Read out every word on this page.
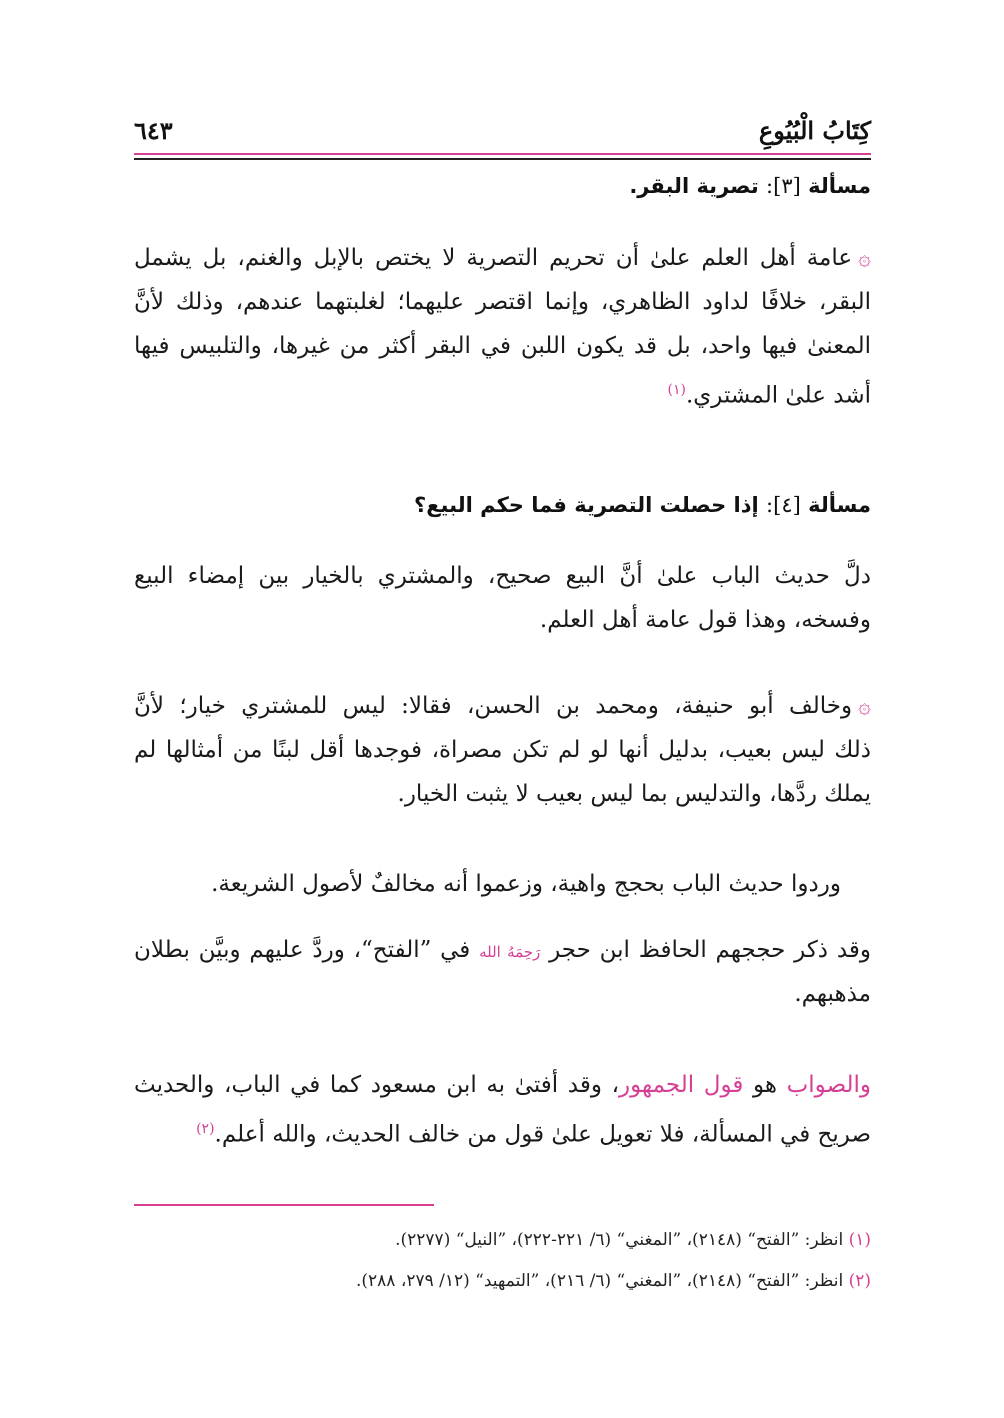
كِتَابُ الْبُيُوعِ
٦٤٣
مسألة [٣]: تصرية البقر.
۞عامة أهل العلم علىٰ أن تحريم التصرية لا يختص بالإبل والغنم، بل يشمل
البقر، خلافًا لداود الظاهري، وإنما اقتصر عليهما؛ لغلبتهما عندهم، وذلك لأنَّ
المعنىٰ فيها واحد، بل قد يكون اللبن في البقر أكثر من غيرها، والتلبيس فيها
أشد علىٰ المشتري.$^{(١)}$
مسألة [٤]: إذا حصلت التصرية فما حكم البيع؟
دلَّ حديث الباب علىٰ أنَّ البيع صحيح، والمشتري بالخيار بين إمضاء البيع
وفسخه، وهذا قول عامة أهل العلم.
۞وخالف أبو حنيفة، ومحمد بن الحسن، فقالا: ليس للمشتري خيار؛ لأنَّ
ذلك ليس بعيب، بدليل أنها لو لم تكن مصراة، فوجدها أقل لبنًا من أمثالها لم
يملك ردَّها، والتدليس بما ليس بعيب لا يثبت الخيار.
وردوا حديث الباب بحجج واهية، وزعموا أنه مخالفٌ لأصول الشريعة.
وقد ذكر حججهم الحافظ ابن حجر رَحِمَهُ الله في ”الفتح“، وردَّ عليهم وبيَّن بطلان
مذهبهم.
والصواب هو قول الجمهور، وقد أفتىٰ به ابن مسعود كما في الباب، والحديث
صريح في المسألة، فلا تعويل علىٰ قول من خالف الحديث، والله أعلم.$^{(٢)}$
(١) انظر: ”الفتح“ (٢١٤٨)، ”المغني“ (٦/ ٢٢١-٢٢٢)، ”النيل“ (٢٢٧٧).
(٢) انظر: ”الفتح“ (٢١٤٨)، ”المغني“ (٦/ ٢١٦)، ”التمهيد“ (١٢/ ٢٧٩، ٢٨٨).
